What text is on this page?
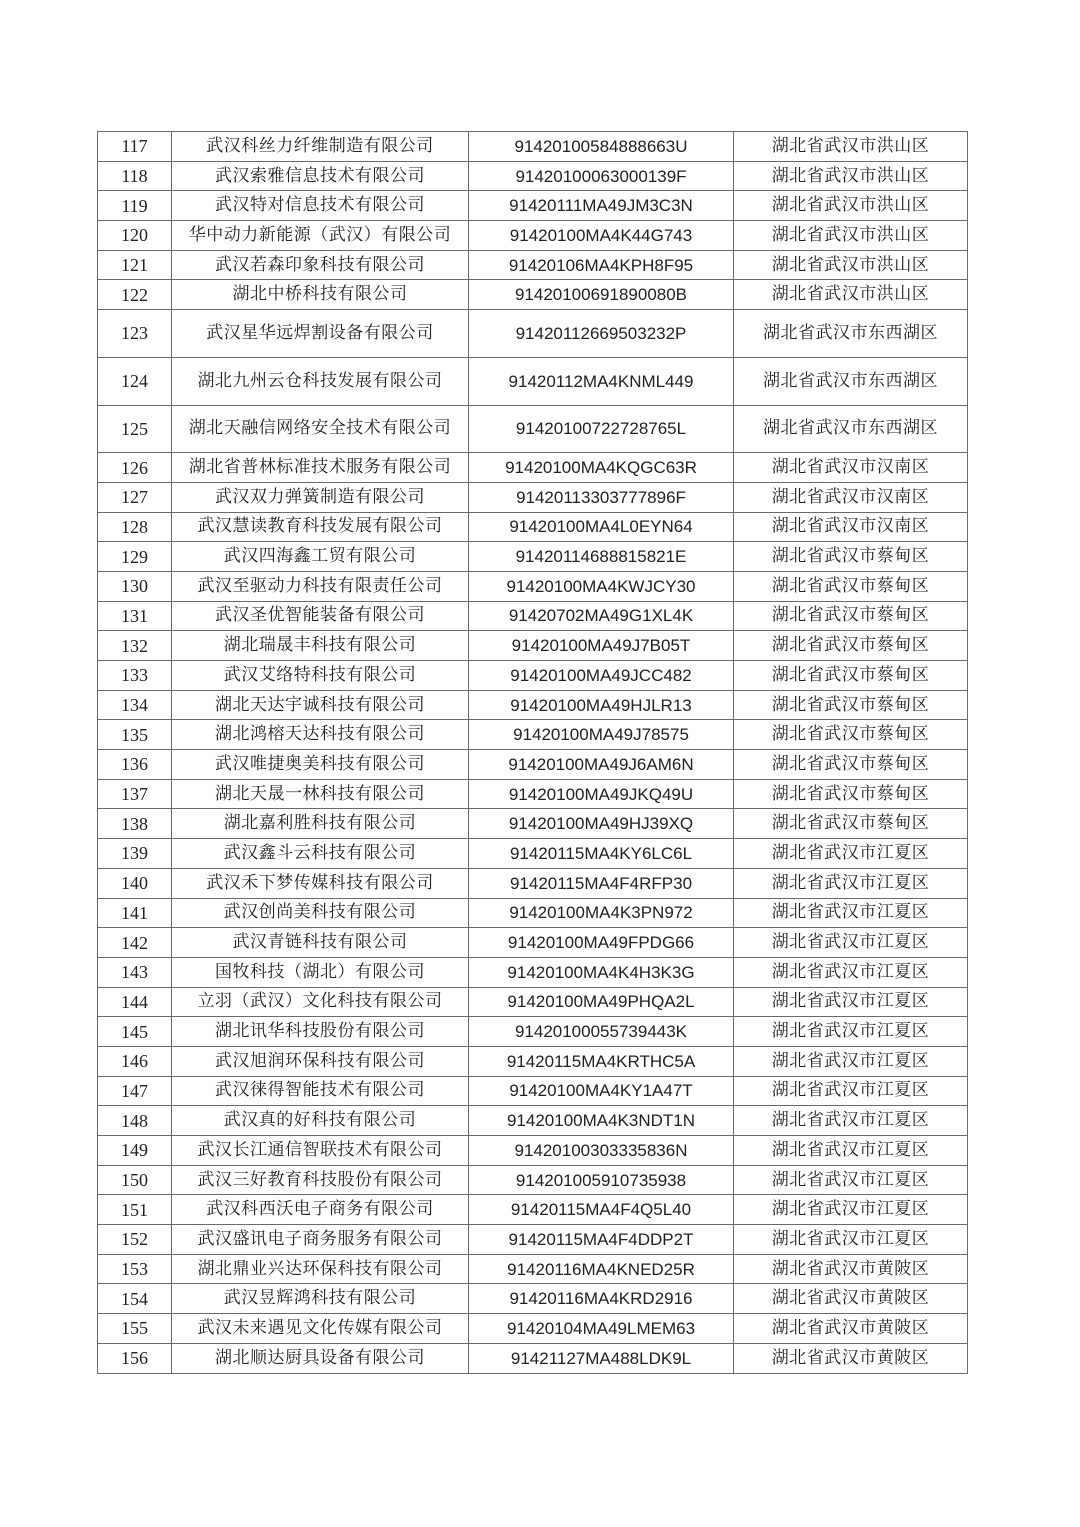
117	武汉科丝力纤维制造有限公司	91420100584888663U	湖北省武汉市洪山区
118	武汉索雅信息技术有限公司	91420100063000139F	湖北省武汉市洪山区
119	武汉特对信息技术有限公司	91420111MA49JM3C3N	湖北省武汉市洪山区
120	华中动力新能源（武汉）有限公司	91420100MA4K44G743	湖北省武汉市洪山区
121	武汉若森印象科技有限公司	91420106MA4KPH8F95	湖北省武汉市洪山区
122	湖北中桥科技有限公司	91420100691890080B	湖北省武汉市洪山区
123	武汉星华远焊割设备有限公司	91420112669503232P	湖北省武汉市东西湖区
124	湖北九州云仓科技发展有限公司	91420112MA4KNML449	湖北省武汉市东西湖区
125	湖北天融信网络安全技术有限公司	91420100722728765L	湖北省武汉市东西湖区
126	湖北省普林标准技术服务有限公司	91420100MA4KQGC63R	湖北省武汉市汉南区
127	武汉双力弹簧制造有限公司	91420113303777896F	湖北省武汉市汉南区
128	武汉慧读教育科技发展有限公司	91420100MA4L0EYN64	湖北省武汉市汉南区
129	武汉四海鑫工贸有限公司	91420114688815821E	湖北省武汉市蔡甸区
130	武汉至驱动力科技有限责任公司	91420100MA4KWJCY30	湖北省武汉市蔡甸区
131	武汉圣优智能装备有限公司	91420702MA49G1XL4K	湖北省武汉市蔡甸区
132	湖北瑞晟丰科技有限公司	91420100MA49J7B05T	湖北省武汉市蔡甸区
133	武汉艾络特科技有限公司	91420100MA49JCC482	湖北省武汉市蔡甸区
134	湖北天达宇诚科技有限公司	91420100MA49HJLR13	湖北省武汉市蔡甸区
135	湖北鸿榕天达科技有限公司	91420100MA49J78575	湖北省武汉市蔡甸区
136	武汉唯捷奥美科技有限公司	91420100MA49J6AM6N	湖北省武汉市蔡甸区
137	湖北天晟一林科技有限公司	91420100MA49JKQ49U	湖北省武汉市蔡甸区
138	湖北嘉利胜科技有限公司	91420100MA49HJ39XQ	湖北省武汉市蔡甸区
139	武汉鑫斗云科技有限公司	91420115MA4KY6LC6L	湖北省武汉市江夏区
140	武汉禾下梦传媒科技有限公司	91420115MA4F4RFP30	湖北省武汉市江夏区
141	武汉创尚美科技有限公司	91420100MA4K3PN972	湖北省武汉市江夏区
142	武汉青链科技有限公司	91420100MA49FPDG66	湖北省武汉市江夏区
143	国牧科技（湖北）有限公司	91420100MA4K4H3K3G	湖北省武汉市江夏区
144	立羽（武汉）文化科技有限公司	91420100MA49PHQA2L	湖北省武汉市江夏区
145	湖北讯华科技股份有限公司	91420100055739443K	湖北省武汉市江夏区
146	武汉旭润环保科技有限公司	91420115MA4KRTHC5A	湖北省武汉市江夏区
147	武汉徕得智能技术有限公司	91420100MA4KY1A47T	湖北省武汉市江夏区
148	武汉真的好科技有限公司	91420100MA4K3NDT1N	湖北省武汉市江夏区
149	武汉长江通信智联技术有限公司	91420100303335836N	湖北省武汉市江夏区
150	武汉三好教育科技股份有限公司	914201005910735938	湖北省武汉市江夏区
151	武汉科西沃电子商务有限公司	91420115MA4F4Q5L40	湖北省武汉市江夏区
152	武汉盛讯电子商务服务有限公司	91420115MA4F4DDP2T	湖北省武汉市江夏区
153	湖北鼎业兴达环保科技有限公司	91420116MA4KNED25R	湖北省武汉市黄陂区
154	武汉昱辉鸿科技有限公司	91420116MA4KRD2916	湖北省武汉市黄陂区
155	武汉未来遇见文化传媒有限公司	91420104MA49LMEM63	湖北省武汉市黄陂区
156	湖北顺达厨具设备有限公司	91421127MA488LDK9L	湖北省武汉市黄陂区
